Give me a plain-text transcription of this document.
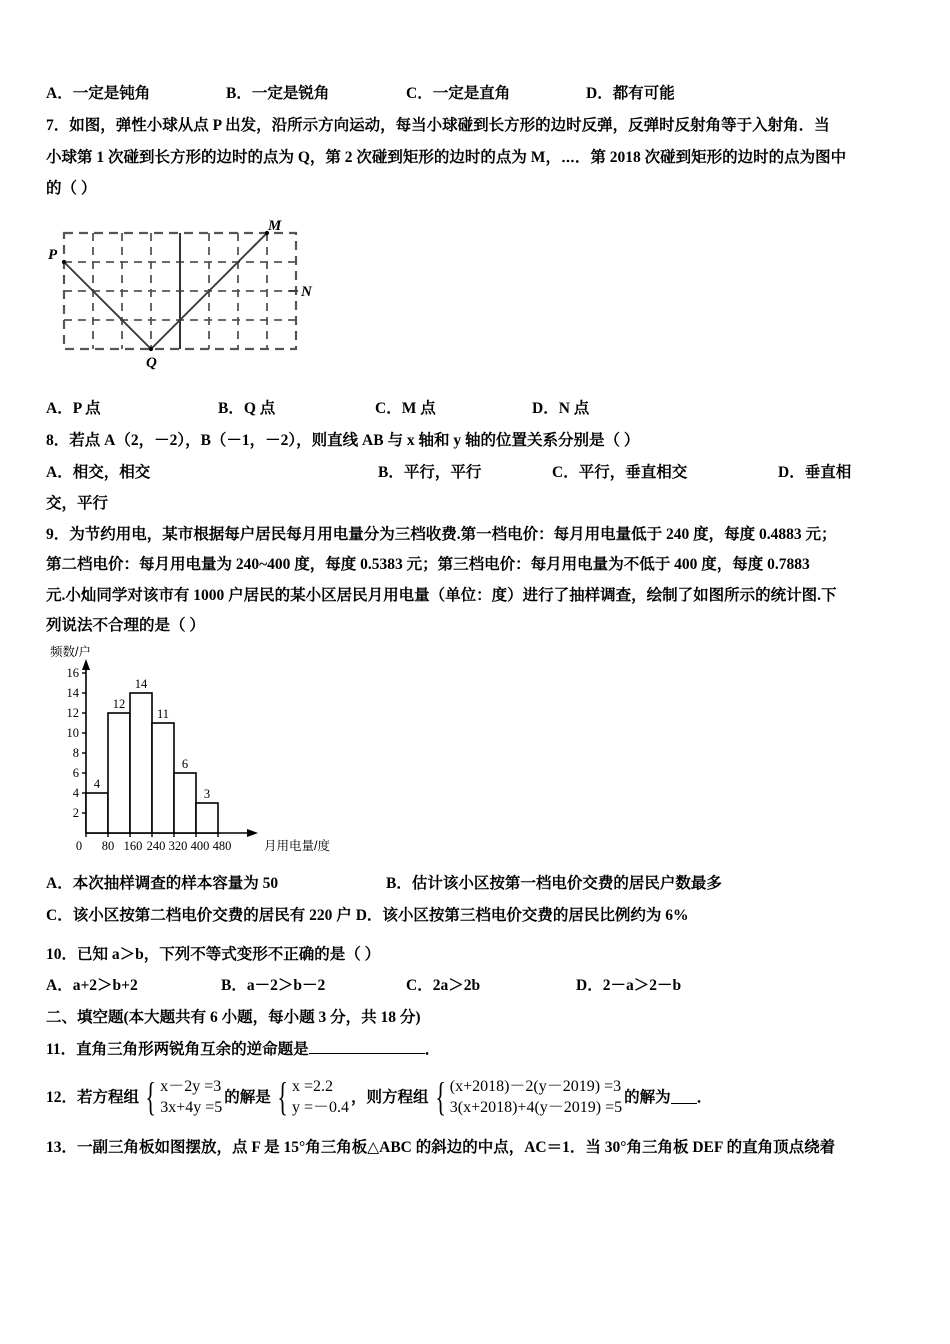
A．一定是钝角	B．一定是锐角	C．一定是直角	D．都有可能
7．如图，弹性小球从点 P 出发，沿所示方向运动，每当小球碰到长方形的边时反弹，反弹时反射角等于入射角．当
小球第 1 次碰到长方形的边时的点为 Q，第 2 次碰到矩形的边时的点为 M，⋯．第 2018 次碰到矩形的边时的点为图中
的（ ）
P
Q
M
N
A．P 点	B．Q 点	C．M 点	D．N 点
8．若点 A（2，－2），B（－1，－2），则直线 AB 与 x 轴和 y 轴的位置关系分别是（ ）
A．相交，相交	B．平行，平行	C．平行，垂直相交	D．垂直相
交，平行
9．为节约用电，某市根据每户居民每月用电量分为三档收费.第一档电价：每月用电量低于 240 度，每度 0.4883 元；
第二档电价：每月用电量为 240~400 度，每度 0.5383 元；第三档电价：每月用电量为不低于 400 度，每度 0.7883
元.小灿同学对该市有 1000 户居民的某小区居民月用电量（单位：度）进行了抽样调查，绘制了如图所示的统计图.下
列说法不合理的是（ ）
频数/户
2
4
6
8
10
12
14
16
4
12
14
11
6
3
0 80 160 240 320 400 480	月用电量/度
A．本次抽样调查的样本容量为 50	B．估计该小区按第一档电价交费的居民户数最多
C．该小区按第二档电价交费的居民有 220 户 D．该小区按第三档电价交费的居民比例约为 6%
10．已知 a＞b，下列不等式变形不正确的是（ ）
A．a+2＞b+2	B．a－2＞b－2	C．2a＞2b	D．2－a＞2－b
二、填空题(本大题共有 6 小题，每小题 3 分，共 18 分)
11．直角三角形两锐角互余的逆命题是	．
12．若方程组 { x－2y =3
3x+4y =5
的解是 { x =2.2
y =－0.4
，则方程组 { (x+2018)－2(y－2019) =3
3(x+2018)+4(y－2019) =5
的解为 ．
13．一副三角板如图摆放，点 F 是 15°角三角板△ABC 的斜边的中点，AC＝1．当 30°角三角板 DEF 的直角顶点绕着
